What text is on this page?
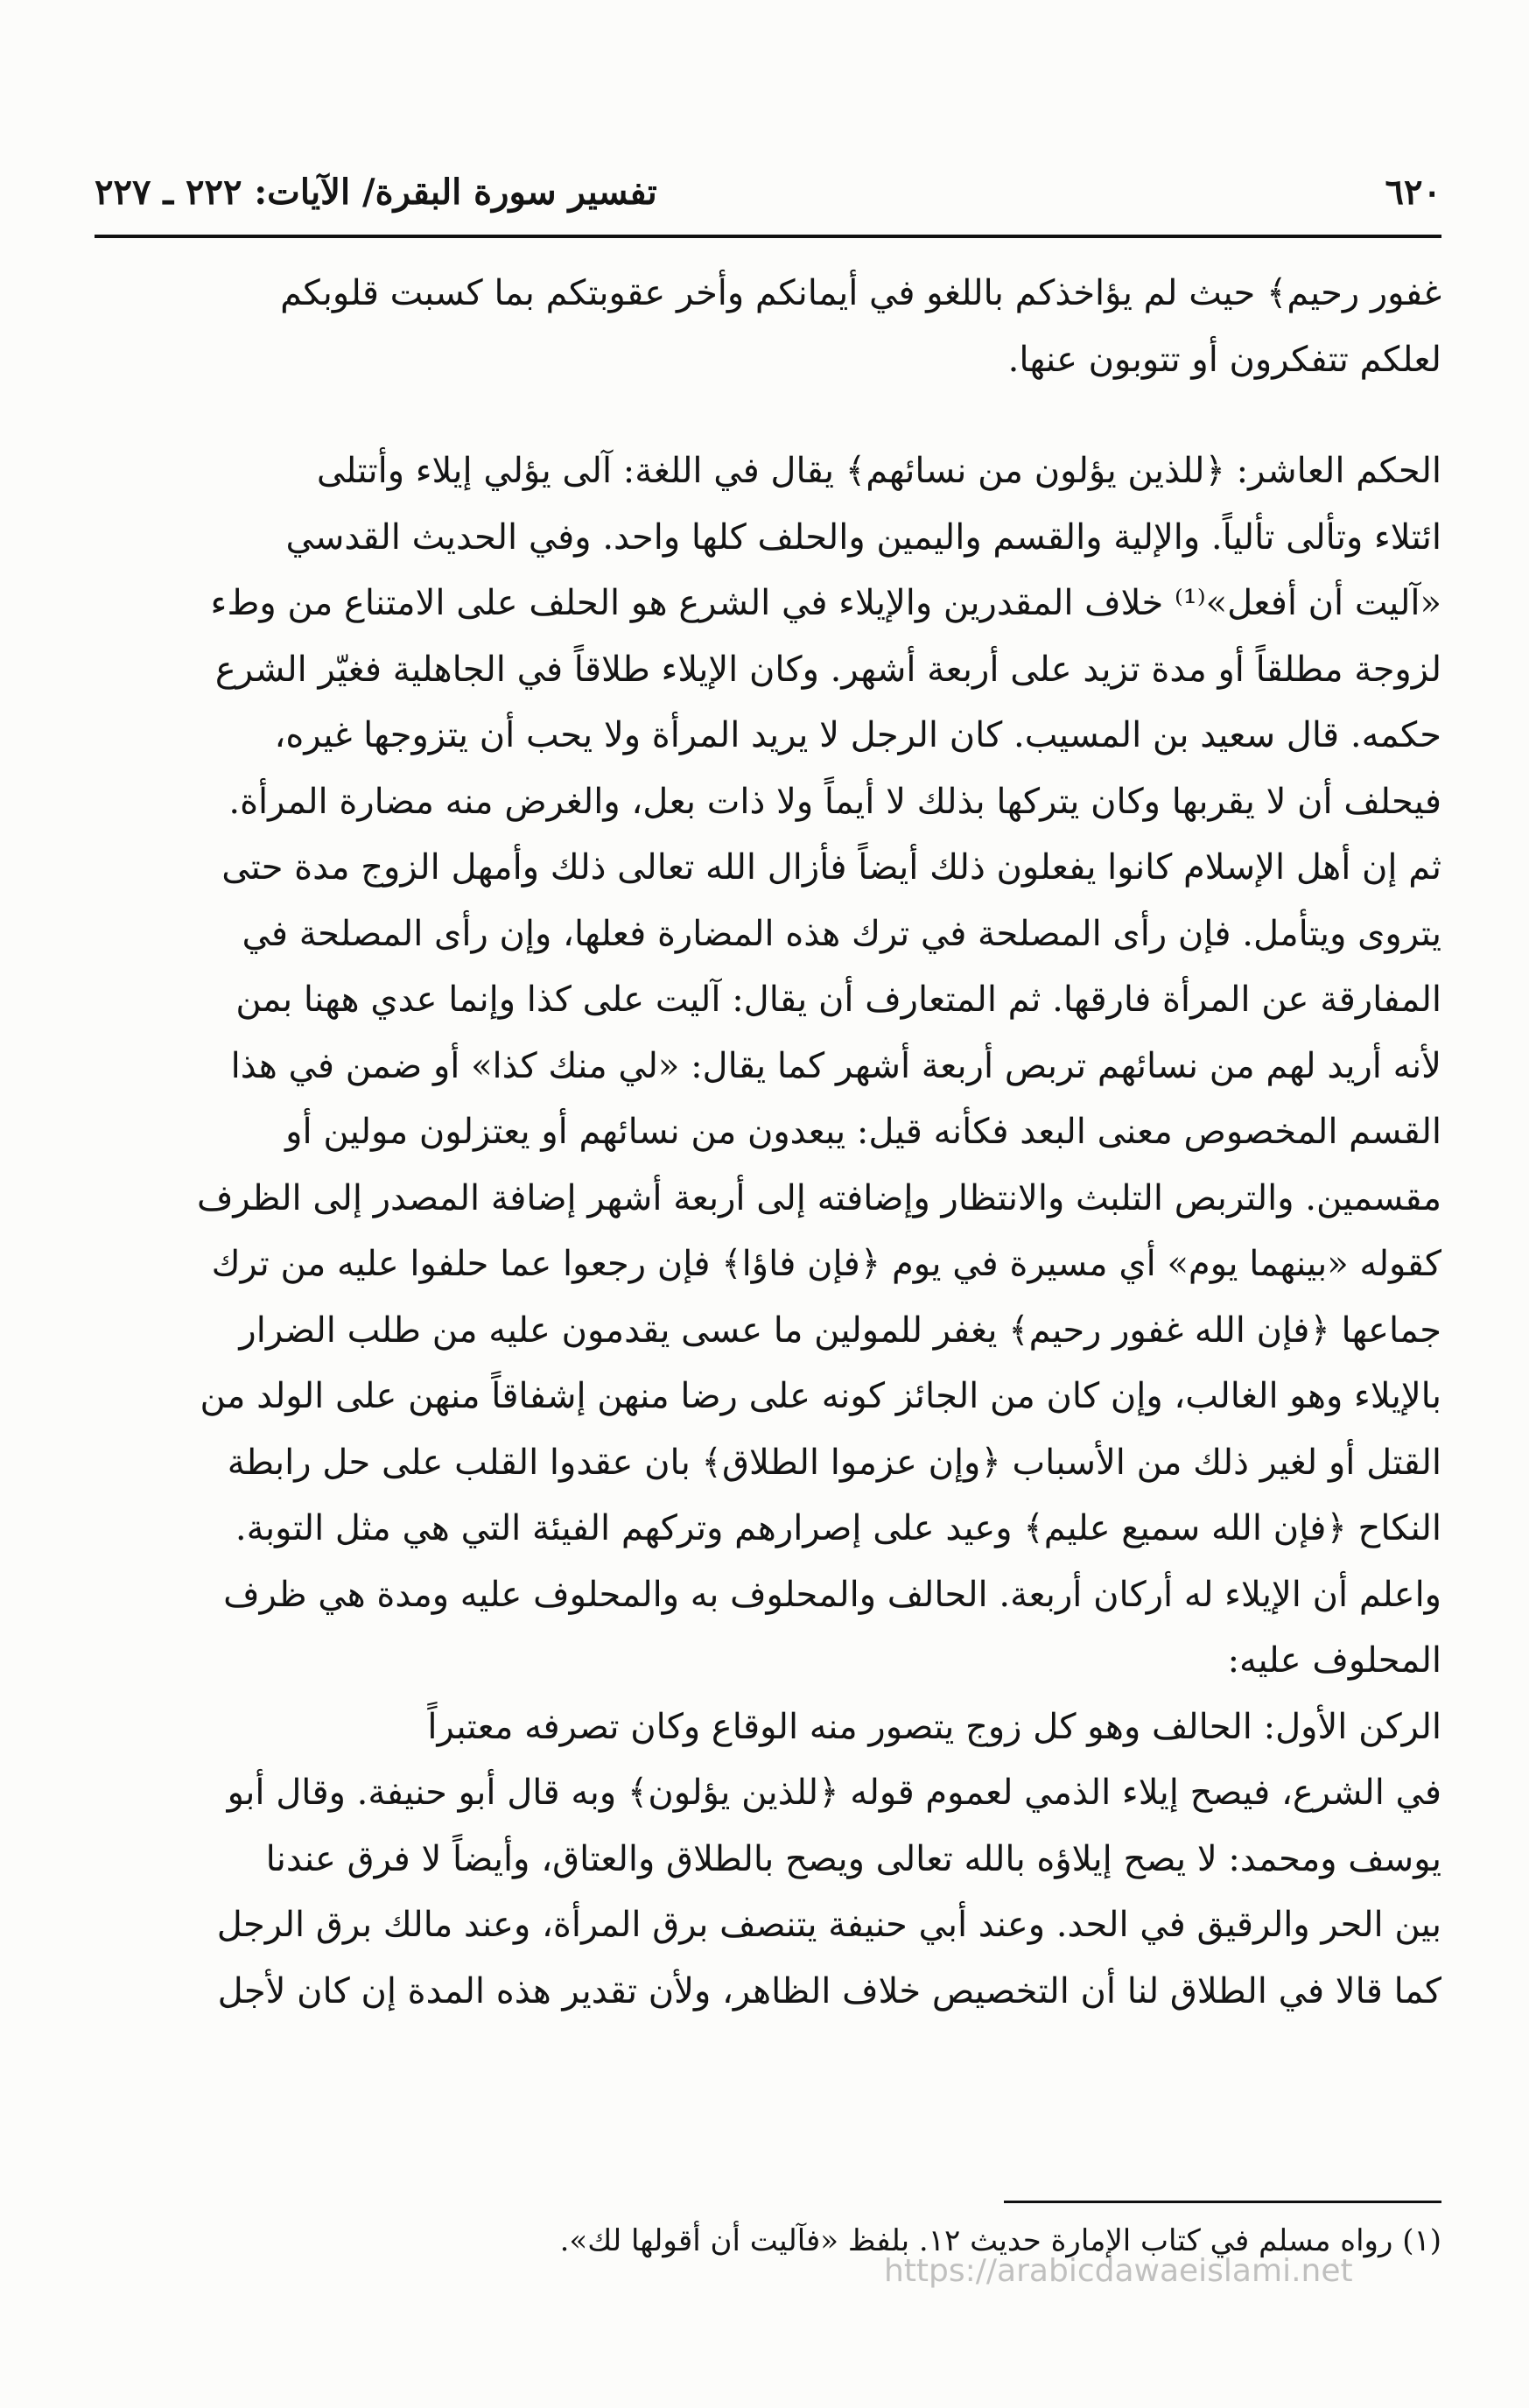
٦٢٠
تفسير سورة البقرة/ الآيات: ٢٢٢ ـ ٢٢٧
غفور رحيم﴾ حيث لم يؤاخذكم باللغو في أيمانكم وأخر عقوبتكم بما كسبت قلوبكم
لعلكم تتفكرون أو تتوبون عنها.
الحكم العاشر: ﴿للذين يؤلون من نسائهم﴾ يقال في اللغة: آلى يؤلي إيلاء وأتتلى
ائتلاء وتألى تألياً. والإلية والقسم واليمين والحلف كلها واحد. وفي الحديث القدسي
«آليت أن أفعل»⁽¹⁾ خلاف المقدرين والإيلاء في الشرع هو الحلف على الامتناع من وطء
لزوجة مطلقاً أو مدة تزيد على أربعة أشهر. وكان الإيلاء طلاقاً في الجاهلية فغيّر الشرع
حكمه. قال سعيد بن المسيب. كان الرجل لا يريد المرأة ولا يحب أن يتزوجها غيره،
فيحلف أن لا يقربها وكان يتركها بذلك لا أيماً ولا ذات بعل، والغرض منه مضارة المرأة.
ثم إن أهل الإسلام كانوا يفعلون ذلك أيضاً فأزال الله تعالى ذلك وأمهل الزوج مدة حتى
يتروى ويتأمل. فإن رأى المصلحة في ترك هذه المضارة فعلها، وإن رأى المصلحة في
المفارقة عن المرأة فارقها. ثم المتعارف أن يقال: آليت على كذا وإنما عدي ههنا بمن
لأنه أريد لهم من نسائهم تربص أربعة أشهر كما يقال: «لي منك كذا» أو ضمن في هذا
القسم المخصوص معنى البعد فكأنه قيل: يبعدون من نسائهم أو يعتزلون مولين أو
مقسمين. والتربص التلبث والانتظار وإضافته إلى أربعة أشهر إضافة المصدر إلى الظرف
كقوله «بينهما يوم» أي مسيرة في يوم ﴿فإن فاؤا﴾ فإن رجعوا عما حلفوا عليه من ترك
جماعها ﴿فإن الله غفور رحيم﴾ يغفر للمولين ما عسى يقدمون عليه من طلب الضرار
بالإيلاء وهو الغالب، وإن كان من الجائز كونه على رضا منهن إشفاقاً منهن على الولد من
القتل أو لغير ذلك من الأسباب ﴿وإن عزموا الطلاق﴾ بان عقدوا القلب على حل رابطة
النكاح ﴿فإن الله سميع عليم﴾ وعيد على إصرارهم وتركهم الفيئة التي هي مثل التوبة.
واعلم أن الإيلاء له أركان أربعة. الحالف والمحلوف به والمحلوف عليه ومدة هي ظرف
المحلوف عليه:
الركن الأول: الحالف وهو كل زوج يتصور منه الوقاع وكان تصرفه معتبراً
في الشرع، فيصح إيلاء الذمي لعموم قوله ﴿للذين يؤلون﴾ وبه قال أبو حنيفة. وقال أبو
يوسف ومحمد: لا يصح إيلاؤه بالله تعالى ويصح بالطلاق والعتاق، وأيضاً لا فرق عندنا
بين الحر والرقيق في الحد. وعند أبي حنيفة يتنصف برق المرأة، وعند مالك برق الرجل
كما قالا في الطلاق لنا أن التخصيص خلاف الظاهر، ولأن تقدير هذه المدة إن كان لأجل
(١) رواه مسلم في كتاب الإمارة حديث ١٢. بلفظ «فآليت أن أقولها لك».
https://arabicdawaeislami.net
